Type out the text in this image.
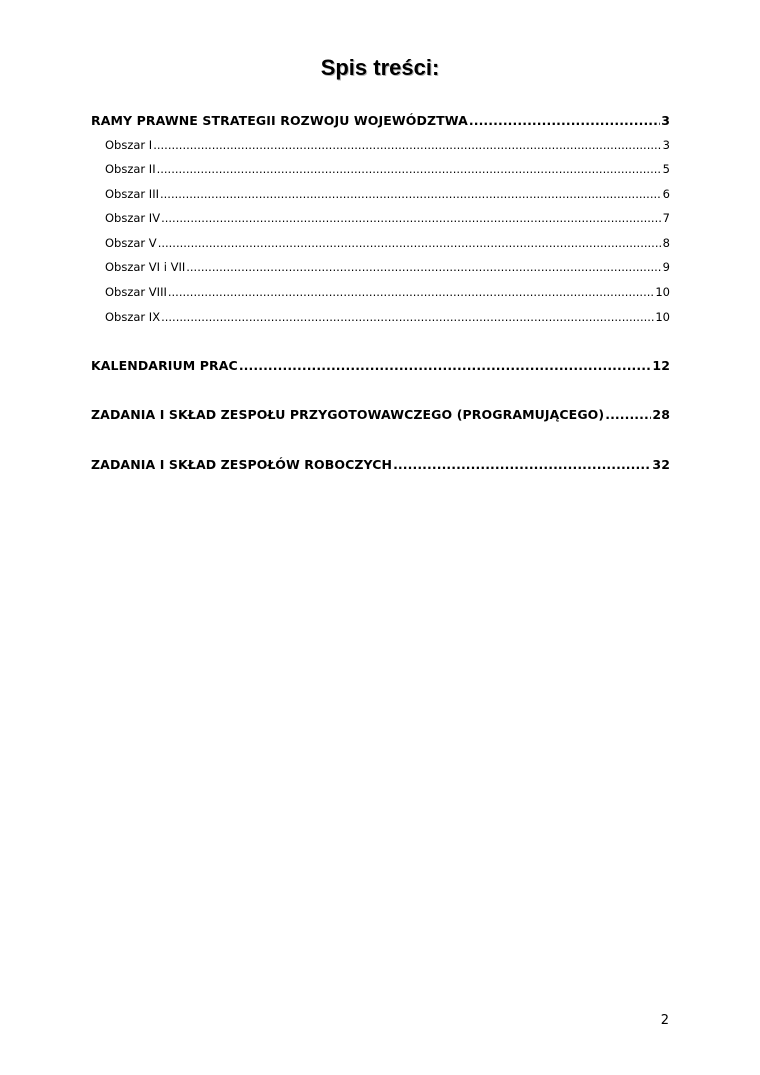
Spis treści:
RAMY PRAWNE STRATEGII ROZWOJU WOJEWÓDZTWA .....	3
Obszar I .....	3
Obszar II .....	5
Obszar III .....	6
Obszar IV .....	7
Obszar V .....	8
Obszar VI i VII .....	9
Obszar VIII .....	10
Obszar IX .....	10
KALENDARIUM PRAC .....	12
ZADANIA I SKŁAD ZESPOŁU PRZYGOTOWAWCZEGO (PROGRAMUJĄCEGO) .....	28
ZADANIA I SKŁAD ZESPOŁÓW ROBOCZYCH .....	32
2
